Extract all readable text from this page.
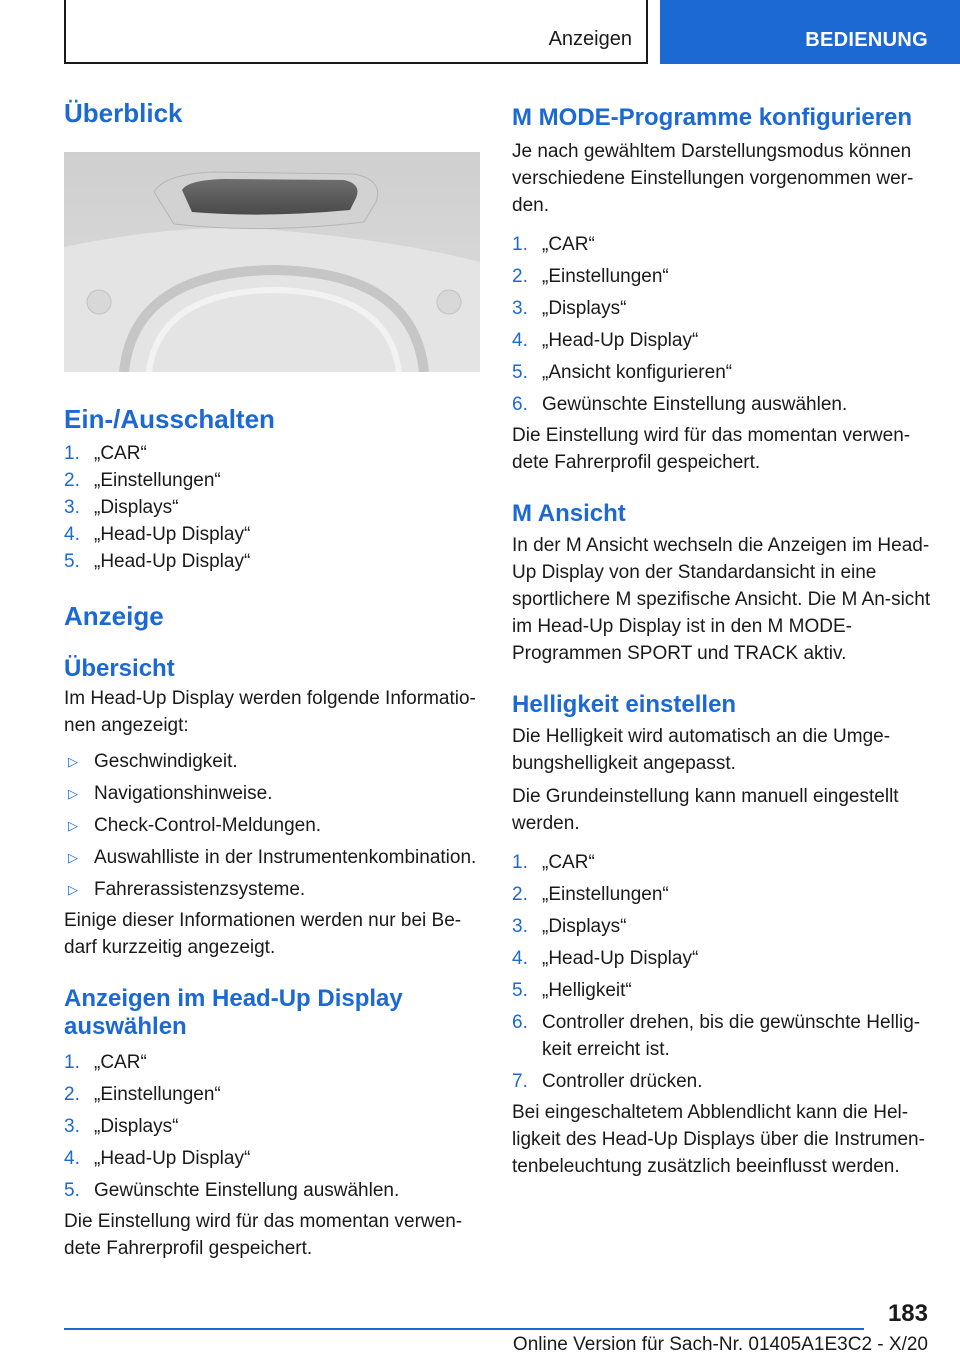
Anzeigen	BEDIENUNG
Überblick
Ein-/Ausschalten
1. „CAR“
2. „Einstellungen“
3. „Displays“
4. „Head-Up Display“
5. „Head-Up Display“
Anzeige
Übersicht

Im Head-Up Display werden folgende Informatio-nen angezeigt:

▷ Geschwindigkeit.
▷ Navigationshinweise.
▷ Check-Control-Meldungen.
▷ Auswahlliste in der Instrumentenkombination.
▷ Fahrerassistenzsysteme.

Einige dieser Informationen werden nur bei Be-darf kurzzeitig angezeigt.

Anzeigen im Head-Up Display auswählen
1. „CAR“
2. „Einstellungen“
3. „Displays“
4. „Head-Up Display“
5. Gewünschte Einstellung auswählen.

Die Einstellung wird für das momentan verwen-dete Fahrerprofil gespeichert.

M MODE-Programme konfigurieren

Je nach gewähltem Darstellungsmodus können verschiedene Einstellungen vorgenommen wer-den.

1. „CAR“
2. „Einstellungen“
3. „Displays“
4. „Head-Up Display“
5. „Ansicht konfigurieren“
6. Gewünschte Einstellung auswählen.

Die Einstellung wird für das momentan verwen-dete Fahrerprofil gespeichert.

M Ansicht

In der M Ansicht wechseln die Anzeigen im Head-Up Display von der Standardansicht in eine sportlichere M spezifische Ansicht. Die M An-sicht im Head-Up Display ist in den M MODE-Programmen SPORT und TRACK aktiv.

Helligkeit einstellen

Die Helligkeit wird automatisch an die Umge-bungshelligkeit angepasst.

Die Grundeinstellung kann manuell eingestellt werden.

1. „CAR“
2. „Einstellungen“
3. „Displays“
4. „Head-Up Display“
5. „Helligkeit“
6. Controller drehen, bis die gewünschte Hellig-keit erreicht ist.
7. Controller drücken.

Bei eingeschaltetem Abblendlicht kann die Hel-ligkeit des Head-Up Displays über die Instrumen-tenbeleuchtung zusätzlich beeinflusst werden.

183
Online Version für Sach-Nr. 01405A1E3C2 - X/20
